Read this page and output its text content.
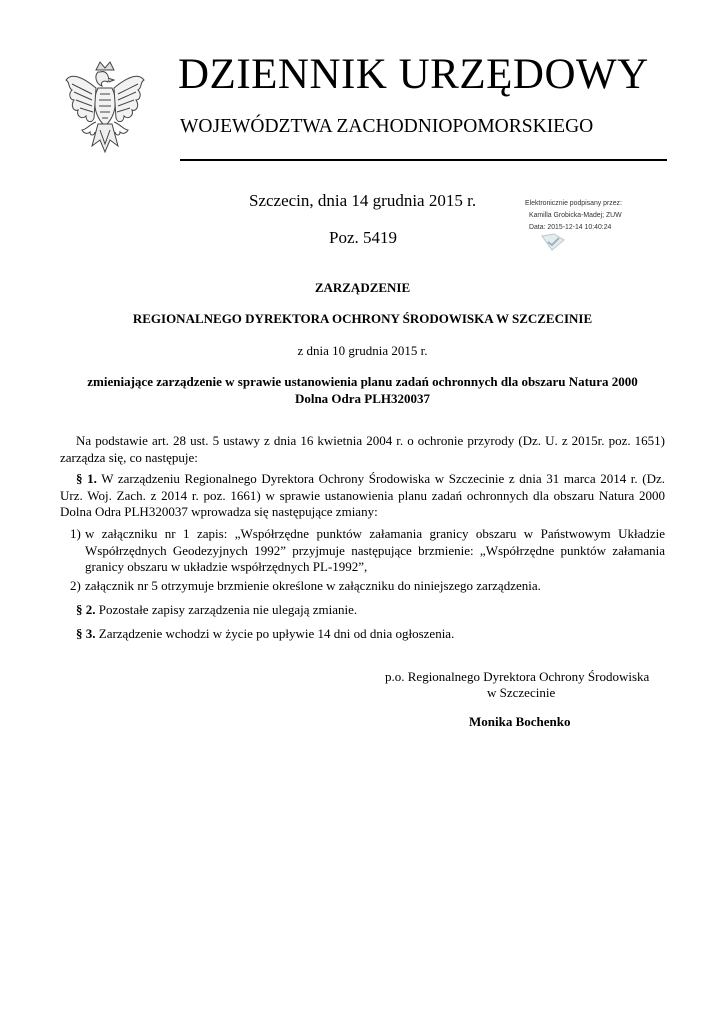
DZIENNIK URZĘDOWY
WOJEWÓDZTWA ZACHODNIOPOMORSKIEGO
Szczecin, dnia 14 grudnia 2015 r.
Poz. 5419
Elektronicznie podpisany przez:
Kamilla Grobicka-Madej; ZUW
Data: 2015-12-14 10:40:24
ZARZĄDZENIE
REGIONALNEGO DYREKTORA OCHRONY ŚRODOWISKA W SZCZECINIE
z dnia 10 grudnia 2015 r.
zmieniające zarządzenie w sprawie ustanowienia planu zadań ochronnych dla obszaru Natura 2000 Dolna Odra PLH320037
Na podstawie art. 28 ust. 5 ustawy z dnia 16 kwietnia 2004 r. o ochronie przyrody (Dz. U. z 2015r. poz. 1651) zarządza się, co następuje:
§ 1. W zarządzeniu Regionalnego Dyrektora Ochrony Środowiska w Szczecinie z dnia 31 marca 2014 r. (Dz. Urz. Woj. Zach. z 2014 r. poz. 1661) w sprawie ustanowienia planu zadań ochronnych dla obszaru Natura 2000 Dolna Odra PLH320037 wprowadza się następujące zmiany:
1) w załączniku nr 1 zapis: „Współrzędne punktów załamania granicy obszaru w Państwowym Układzie Współrzędnych Geodezyjnych 1992” przyjmuje następujące brzmienie: „Współrzędne punktów załamania granicy obszaru w układzie współrzędnych PL-1992”,
2) załącznik nr 5 otrzymuje brzmienie określone w załączniku do niniejszego zarządzenia.
§ 2. Pozostałe zapisy zarządzenia nie ulegają zmianie.
§ 3. Zarządzenie wchodzi w życie po upływie 14 dni od dnia ogłoszenia.
p.o. Regionalnego Dyrektora Ochrony Środowiska
w Szczecinie
Monika Bochenko
